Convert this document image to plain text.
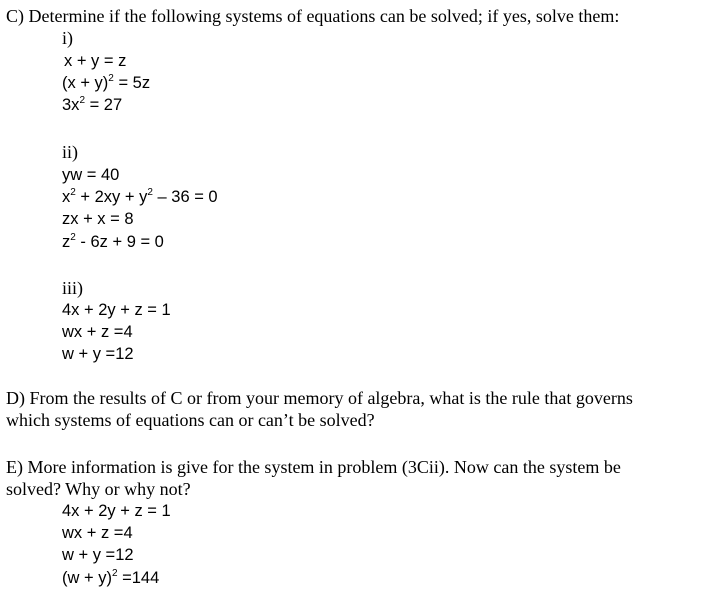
C) Determine if the following systems of equations can be solved; if yes, solve them:
i)
x + y = z
$(x + y)^2 = 5z$
$3x^2 = 27$
ii)
yw = 40
$x^2 + 2xy + y^2 - 36 = 0$
zx + x = 8
$z^2 - 6z + 9 = 0$
iii)
4x + 2y + z = 1
wx + z =4
w + y =12
D) From the results of C or from your memory of algebra, what is the rule that governs
which systems of equations can or can’t be solved?
E) More information is give for the system in problem (3Cii). Now can the system be
solved? Why or why not?
4x + 2y + z = 1
wx + z =4
w + y =12
$(w + y)^2 =144$
